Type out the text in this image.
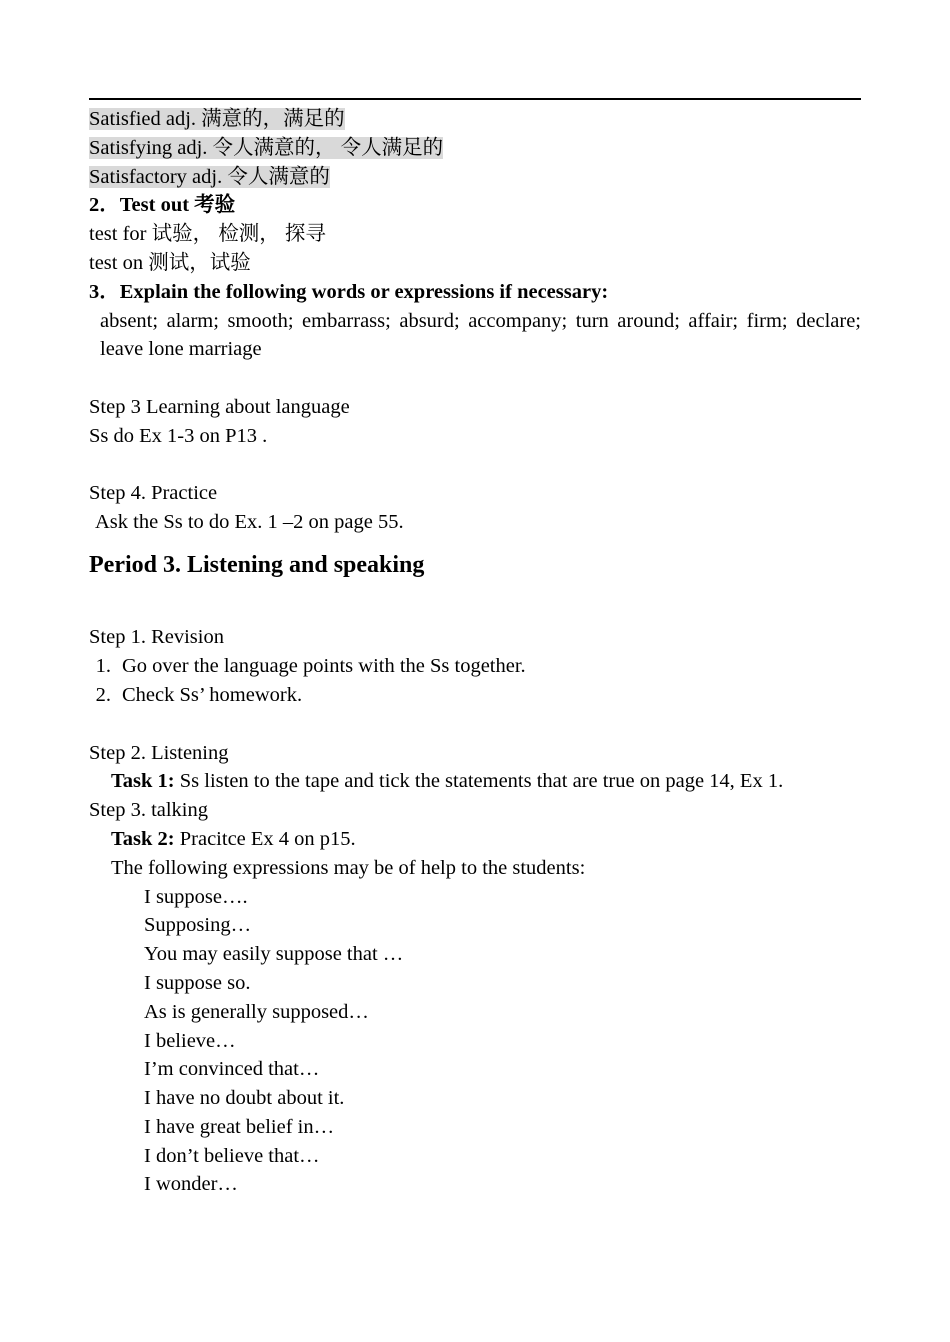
Satisfied adj. 满意的，满足的
Satisfying adj. 令人满意的， 令人满足的
Satisfactory adj. 令人满意的
2．Test out 考验
test for 试验， 检测， 探寻
test on 测试，试验
3．Explain the following words or expressions if necessary:
absent; alarm; smooth; embarrass; absurd; accompany; turn around; affair; firm; declare; leave lone marriage
Step 3 Learning about language
Ss do Ex 1-3 on P13 .
Step 4. Practice
Ask the Ss to do Ex. 1 –2 on page 55.
Period 3. Listening and speaking
Step 1. Revision
1. Go over the language points with the Ss together.
2. Check Ss’ homework.
Step 2. Listening
Task 1: Ss listen to the tape and tick the statements that are true on page 14, Ex 1.
Step 3. talking
Task 2: Pracitce Ex 4 on p15.
The following expressions may be of help to the students:
I suppose….
Supposing…
You may easily suppose that …
I suppose so.
As is generally supposed…
I believe…
I’m convinced that…
I have no doubt about it.
I have great belief in…
I don’t believe that…
I wonder…
